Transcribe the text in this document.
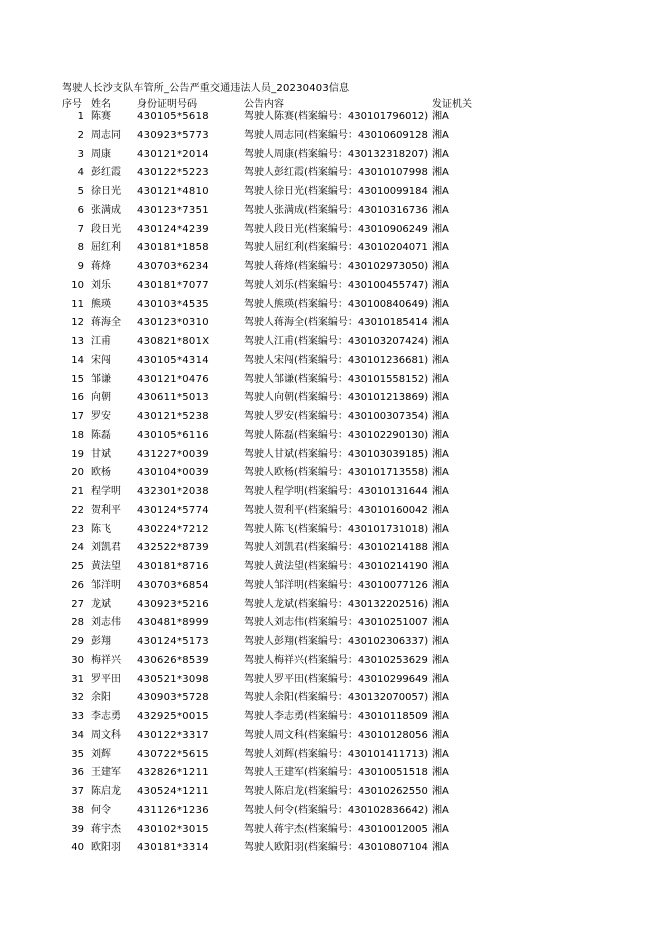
驾驶人长沙支队车管所_公告严重交通违法人员_20230403信息
序号 姓名	身份证明号码	公告内容	发证机关
1 陈赛	430105*5618	驾驶人陈赛(档案编号：430101796012) 湘A
2 周志同	430923*5773	驾驶人周志同(档案编号：43010609128 湘A
3 周康	430121*2014	驾驶人周康(档案编号：430132318207) 湘A
4 彭红霞	430122*5223	驾驶人彭红霞(档案编号：43010107998 湘A
5 徐日光	430121*4810	驾驶人徐日光(档案编号：43010099184 湘A
6 张满成	430123*7351	驾驶人张满成(档案编号：43010316736 湘A
7 段日光	430124*4239	驾驶人段日光(档案编号：43010906249 湘A
8 屈红利	430181*1858	驾驶人屈红利(档案编号：43010204071 湘A
9 蒋烽	430703*6234	驾驶人蒋烽(档案编号：430102973050) 湘A
10 刘乐	430181*7077	驾驶人刘乐(档案编号：430100455747) 湘A
11 熊瑛	430103*4535	驾驶人熊瑛(档案编号：430100840649) 湘A
12 蒋海全	430123*0310	驾驶人蒋海全(档案编号：43010185414 湘A
13 江甫	430821*801X	驾驶人江甫(档案编号：430103207424) 湘A
14 宋闯	430105*4314	驾驶人宋闯(档案编号：430101236681) 湘A
15 邹谦	430121*0476	驾驶人邹谦(档案编号：430101558152) 湘A
16 向朝	430611*5013	驾驶人向朝(档案编号：430101213869) 湘A
17 罗安	430121*5238	驾驶人罗安(档案编号：430100307354) 湘A
18 陈磊	430105*6116	驾驶人陈磊(档案编号：430102290130) 湘A
19 甘斌	431227*0039	驾驶人甘斌(档案编号：430103039185) 湘A
20 欧杨	430104*0039	驾驶人欧杨(档案编号：430101713558) 湘A
21 程学明	432301*2038	驾驶人程学明(档案编号：43010131644 湘A
22 贺利平	430124*5774	驾驶人贺利平(档案编号：43010160042 湘A
23 陈飞	430224*7212	驾驶人陈飞(档案编号：430101731018) 湘A
24 刘凯君	432522*8739	驾驶人刘凯君(档案编号：43010214188 湘A
25 黄法望	430181*8716	驾驶人黄法望(档案编号：43010214190 湘A
26 邹洋明	430703*6854	驾驶人邹洋明(档案编号：43010077126 湘A
27 龙斌	430923*5216	驾驶人龙斌(档案编号：430132202516) 湘A
28 刘志伟	430481*8999	驾驶人刘志伟(档案编号：43010251007 湘A
29 彭翔	430124*5173	驾驶人彭翔(档案编号：430102306337) 湘A
30 梅祥兴	430626*8539	驾驶人梅祥兴(档案编号：43010253629 湘A
31 罗平田	430521*3098	驾驶人罗平田(档案编号：43010299649 湘A
32 余阳	430903*5728	驾驶人余阳(档案编号：430132070057) 湘A
33 李志勇	432925*0015	驾驶人李志勇(档案编号：43010118509 湘A
34 周文科	430122*3317	驾驶人周文科(档案编号：43010128056 湘A
35 刘辉	430722*5615	驾驶人刘辉(档案编号：430101411713) 湘A
36 王建军	432826*1211	驾驶人王建军(档案编号：43010051518 湘A
37 陈启龙	430524*1211	驾驶人陈启龙(档案编号：43010262550 湘A
38 何令	431126*1236	驾驶人何令(档案编号：430102836642) 湘A
39 蒋宇杰	430102*3015	驾驶人蒋宇杰(档案编号：43010012005 湘A
40 欧阳羽	430181*3314	驾驶人欧阳羽(档案编号：43010807104 湘A
